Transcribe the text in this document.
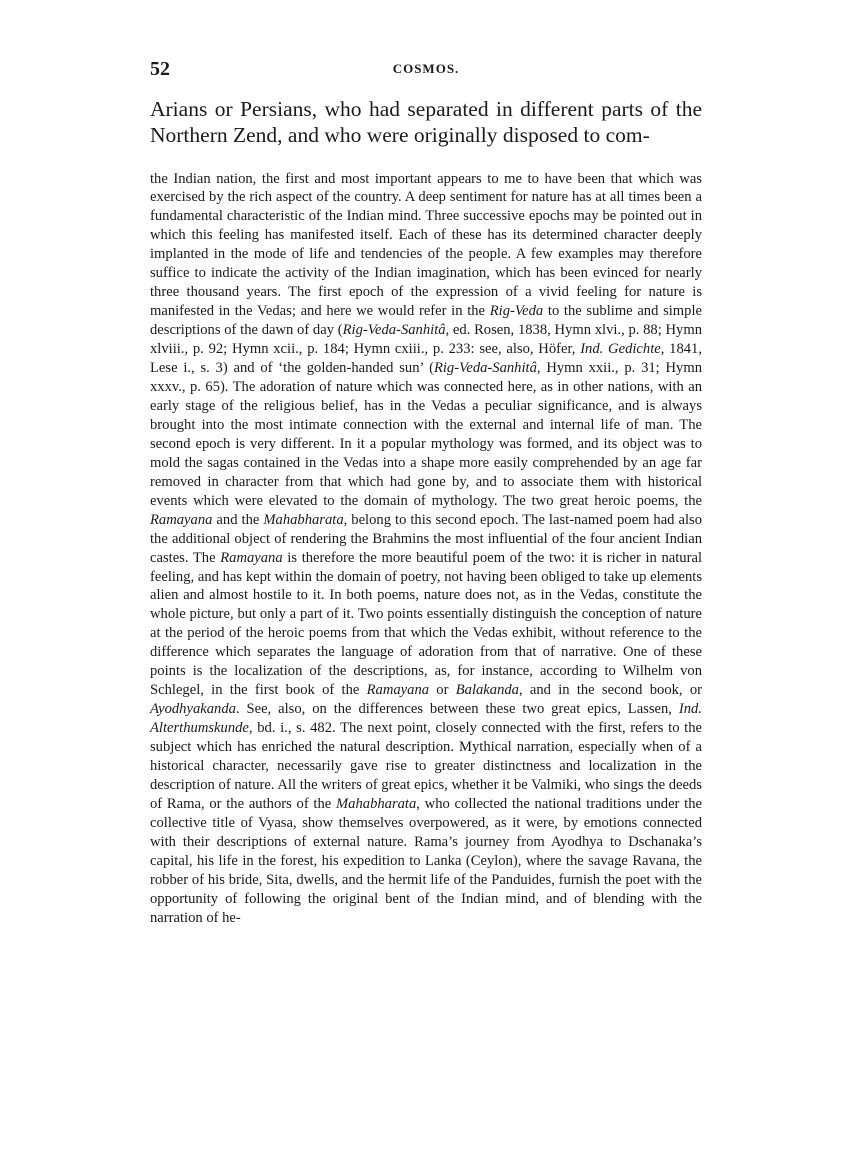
52	COSMOS.

Arians or Persians, who had separated in different parts of the Northern Zend, and who were originally disposed to com-

the Indian nation, the first and most important appears to me to have been that which was exercised by the rich aspect of the country. A deep sentiment for nature has at all times been a fundamental characteristic of the Indian mind. Three successive epochs may be pointed out in which this feeling has manifested itself. Each of these has its determined character deeply implanted in the mode of life and tendencies of the people. A few examples may therefore suffice to indicate the activity of the Indian imagination, which has been evinced for nearly three thousand years. The first epoch of the expression of a vivid feeling for nature is manifested in the Vedas; and here we would refer in the Rig-Veda to the sublime and simple descriptions of the dawn of day (Rig-Veda-Sanhitâ, ed. Rosen, 1838, Hymn xlvi., p. 88; Hymn xlviii., p. 92; Hymn xcii., p. 184; Hymn cxiii., p. 233: see, also, Höfer, Ind. Gedichte, 1841, Lese i., s. 3) and of ‘the golden-handed sun’ (Rig-Veda-Sanhitâ, Hymn xxii., p. 31; Hymn xxxv., p. 65). The adoration of nature which was connected here, as in other nations, with an early stage of the religious belief, has in the Vedas a peculiar significance, and is always brought into the most intimate connection with the external and internal life of man. The second epoch is very different. In it a popular mythology was formed, and its object was to mold the sagas contained in the Vedas into a shape more easily comprehended by an age far removed in character from that which had gone by, and to associate them with historical events which were elevated to the domain of mythology. The two great heroic poems, the Ramayana and the Mahabharata, belong to this second epoch. The last-named poem had also the additional object of rendering the Brahmins the most influential of the four ancient Indian castes. The Ramayana is therefore the more beautiful poem of the two: it is richer in natural feeling, and has kept within the domain of poetry, not having been obliged to take up elements alien and almost hostile to it. In both poems, nature does not, as in the Vedas, constitute the whole picture, but only a part of it. Two points essentially distinguish the conception of nature at the period of the heroic poems from that which the Vedas exhibit, without reference to the difference which separates the language of adoration from that of narrative. One of these points is the localization of the descriptions, as, for instance, according to Wilhelm von Schlegel, in the first book of the Ramayana or Balakanda, and in the second book, or Ayodhyakanda. See, also, on the differences between these two great epics, Lassen, Ind. Alterthumskunde, bd. i., s. 482. The next point, closely connected with the first, refers to the subject which has enriched the natural description. Mythical narration, especially when of a historical character, necessarily gave rise to greater distinctness and localization in the description of nature. All the writers of great epics, whether it be Valmiki, who sings the deeds of Rama, or the authors of the Mahabharata, who collected the national traditions under the collective title of Vyasa, show themselves overpowered, as it were, by emotions connected with their descriptions of external nature. Rama’s journey from Ayodhya to Dschanaka’s capital, his life in the forest, his expedition to Lanka (Ceylon), where the savage Ravana, the robber of his bride, Sita, dwells, and the hermit life of the Panduides, furnish the poet with the opportunity of following the original bent of the Indian mind, and of blending with the narration of he-
